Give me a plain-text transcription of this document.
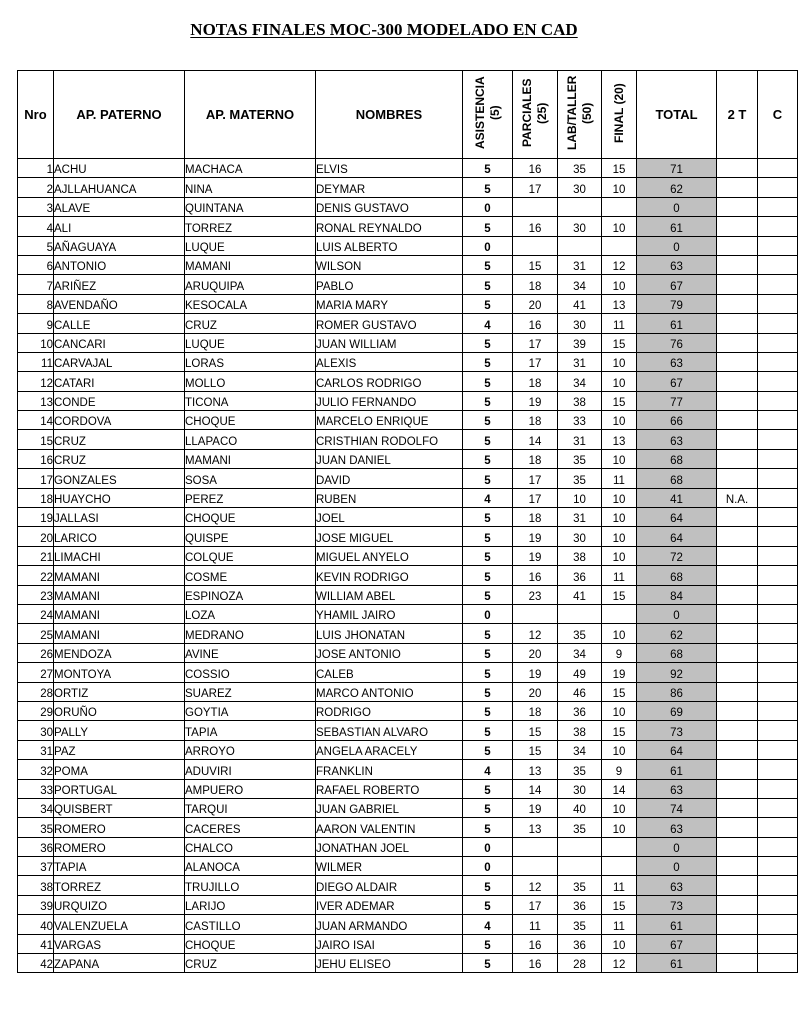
NOTAS FINALES MOC-300 MODELADO EN CAD
Nro	AP. PATERNO	AP. MATERNO	NOMBRES	ASISTENCIA (5)	PARCIALES (25)	LAB/TALLER (50)	FINAL (20)	TOTAL	2 T	C
1	ACHU	MACHACA	ELVIS	5	16	35	15	71		
2	AJLLAHUANCA	NINA	DEYMAR	5	17	30	10	62		
3	ALAVE	QUINTANA	DENIS GUSTAVO	0				0		
4	ALI	TORREZ	RONAL REYNALDO	5	16	30	10	61		
5	AÑAGUAYA	LUQUE	LUIS ALBERTO	0				0		
6	ANTONIO	MAMANI	WILSON	5	15	31	12	63		
7	ARIÑEZ	ARUQUIPA	PABLO	5	18	34	10	67		
8	AVENDAÑO	KESOCALA	MARIA MARY	5	20	41	13	79		
9	CALLE	CRUZ	ROMER GUSTAVO	4	16	30	11	61		
10	CANCARI	LUQUE	JUAN WILLIAM	5	17	39	15	76		
11	CARVAJAL	LORAS	ALEXIS	5	17	31	10	63		
12	CATARI	MOLLO	CARLOS RODRIGO	5	18	34	10	67		
13	CONDE	TICONA	JULIO FERNANDO	5	19	38	15	77		
14	CORDOVA	CHOQUE	MARCELO ENRIQUE	5	18	33	10	66		
15	CRUZ	LLAPACO	CRISTHIAN RODOLFO	5	14	31	13	63		
16	CRUZ	MAMANI	JUAN DANIEL	5	18	35	10	68		
17	GONZALES	SOSA	DAVID	5	17	35	11	68		
18	HUAYCHO	PEREZ	RUBEN	4	17	10	10	41	N.A.	
19	JALLASI	CHOQUE	JOEL	5	18	31	10	64		
20	LARICO	QUISPE	JOSE MIGUEL	5	19	30	10	64		
21	LIMACHI	COLQUE	MIGUEL ANYELO	5	19	38	10	72		
22	MAMANI	COSME	KEVIN RODRIGO	5	16	36	11	68		
23	MAMANI	ESPINOZA	WILLIAM ABEL	5	23	41	15	84		
24	MAMANI	LOZA	YHAMIL JAIRO	0				0		
25	MAMANI	MEDRANO	LUIS JHONATAN	5	12	35	10	62		
26	MENDOZA	AVINE	JOSE ANTONIO	5	20	34	9	68		
27	MONTOYA	COSSIO	CALEB	5	19	49	19	92		
28	ORTIZ	SUAREZ	MARCO ANTONIO	5	20	46	15	86		
29	ORUÑO	GOYTIA	RODRIGO	5	18	36	10	69		
30	PALLY	TAPIA	SEBASTIAN ALVARO	5	15	38	15	73		
31	PAZ	ARROYO	ANGELA ARACELY	5	15	34	10	64		
32	POMA	ADUVIRI	FRANKLIN	4	13	35	9	61		
33	PORTUGAL	AMPUERO	RAFAEL ROBERTO	5	14	30	14	63		
34	QUISBERT	TARQUI	JUAN GABRIEL	5	19	40	10	74		
35	ROMERO	CACERES	AARON VALENTIN	5	13	35	10	63		
36	ROMERO	CHALCO	JONATHAN JOEL	0				0		
37	TAPIA	ALANOCA	WILMER	0				0		
38	TORREZ	TRUJILLO	DIEGO ALDAIR	5	12	35	11	63		
39	URQUIZO	LARIJO	IVER ADEMAR	5	17	36	15	73		
40	VALENZUELA	CASTILLO	JUAN ARMANDO	4	11	35	11	61		
41	VARGAS	CHOQUE	JAIRO ISAI	5	16	36	10	67		
42	ZAPANA	CRUZ	JEHU ELISEO	5	16	28	12	61		
